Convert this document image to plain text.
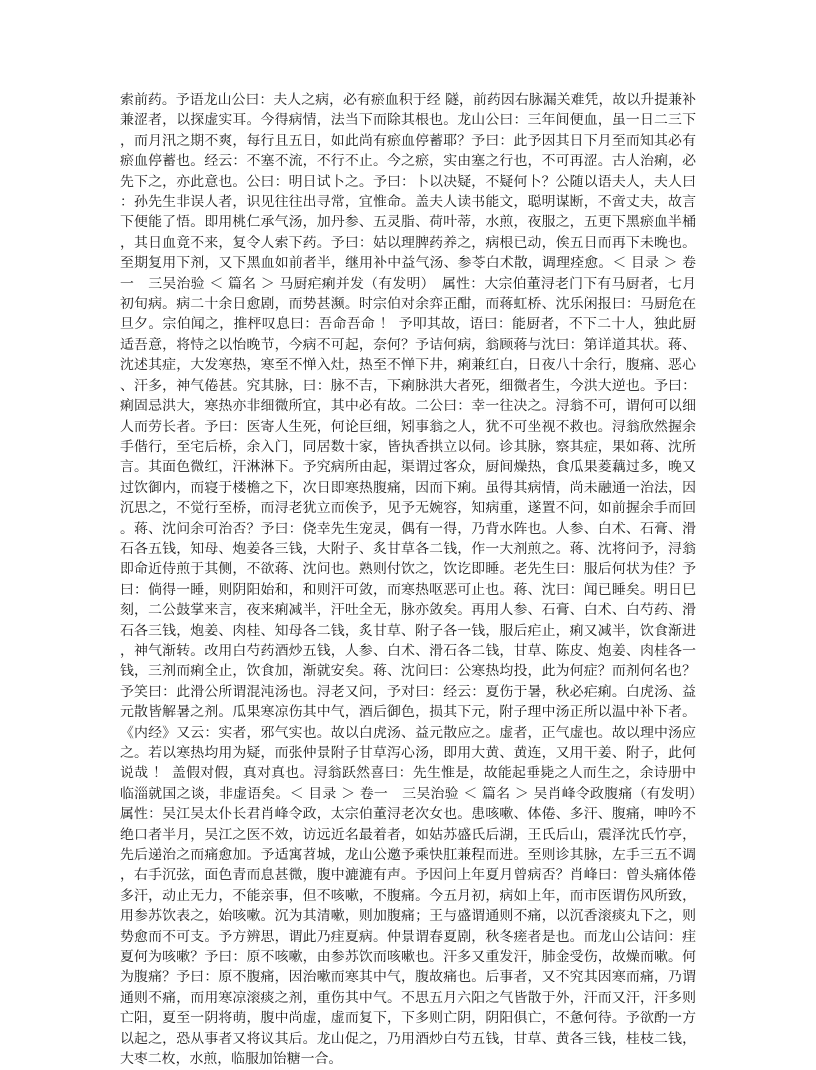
索前药。予语龙山公曰：夫人之病，必有瘀血积于经 隧，前药因右脉漏关难凭，故以升提兼补兼涩者，以探虚实耳。今得病情，法当下而除其根也。龙山公曰：三年间便血，虽一日二三下，而月汛之期不爽，每行且五日，如此尚有瘀血停蓄耶？予曰：此予因其日下月至而知其必有瘀血停蓄也。经云：不塞不流，不行不止。今之瘀，实由塞之行也，不可再涩。古人治痢，必先下之，亦此意也。公曰：明日试卜之。予曰：卜以决疑，不疑何卜？公随以语夫人，夫人曰：孙先生非误人者，识见往往出寻常，宜惟命。盖夫人读书能文，聪明谋断，不啻丈夫，故言下便能了悟。即用桃仁承气汤，加丹参、五灵脂、荷叶蒂，水煎，夜服之，五更下黑瘀血半桶，其日血竟不来，复令人索下药。予曰：姑以理脾药养之，病根已动，俟五日而再下未晚也。至期复用下剂，又下黑血如前者半，继用补中益气汤、参苓白术散，调理痊愈。＜ 目录 ＞ 卷一　三吴治验 ＜ 篇名 ＞ 马厨疟痢并发（有发明）　属性：大宗伯董浔老门下有马厨者，七月初旬病。病二十余日愈剧，而势甚濒。时宗伯对余弈正酣，而蒋虹桥、沈乐闲报曰：马厨危在旦夕。宗伯闻之，推枰叹息曰：吾命吾命 ！ 予叩其故，语曰：能厨者，不下二十人，独此厨适吾意，将恃之以怡晚节，今病不可起，奈何？予诘何病，翁顾蒋与沈曰：第详道其状。蒋、沈述其症，大发寒热，寒至不惮入灶，热至不惮下井，痢兼红白，日夜八十余行，腹痛、恶心、汗多，神气倦甚。究其脉，曰：脉不吉，下痢脉洪大者死，细微者生，今洪大逆也。予曰：痢固忌洪大，寒热亦非细微所宜，其中必有故。二公曰：幸一往决之。浔翁不可，谓何可以细人而劳长者。予曰：医寄人生死，何论巨细，矧事翁之人，犹不可坐视不救也。浔翁欣然握余手偕行，至宅后桥，余入门，同居数十家，皆执香拱立以伺。诊其脉，察其症，果如蒋、沈所言。其面色微红，汗淋淋下。予究病所由起，渠谓过客众，厨间燥热，食瓜果菱藕过多，晚又过饮御内，而寝于楼檐之下，次日即寒热腹痛，因而下痢。虽得其病情，尚未融通一治法，因沉思之，不觉行至桥，而浔老犹立而俟予，见予无婉容，知病重，遂置不问，如前握余手而回。蒋、沈问余可治否？予曰：侥幸先生宠灵，偶有一得，乃背水阵也。人参、白术、石膏、滑石各五钱，知母、炮姜各三钱，大附子、炙甘草各二钱，作一大剂煎之。蒋、沈将问予，浔翁即命近侍煎于其侧，不欲蒋、沈问也。熟则付饮之，饮讫即睡。老先生曰：服后何状为佳？予曰：倘得一睡，则阴阳始和，和则汗可敛，而寒热呕恶可止也。蒋、沈曰：闻已睡矣。明日巳刻，二公鼓掌来言，夜来痢减半，汗吐全无，脉亦敛矣。再用人参、石膏、白术、白芍药、滑石各三钱，炮姜、肉桂、知母各二钱，炙甘草、附子各一钱，服后疟止，痢又减半，饮食渐进，神气渐转。改用白芍药酒炒五钱，人参、白术、滑石各二钱，甘草、陈皮、炮姜、肉桂各一钱，三剂而痢全止，饮食加，渐就安矣。蒋、沈问曰：公寒热均投，此为何症？而剂何名也？予笑曰：此滑公所谓混沌汤也。浔老又问，予对曰：经云：夏伤于暑，秋必疟痢。白虎汤、益元散皆解暑之剂。瓜果寒凉伤其中气，酒后御色，损其下元，附子理中汤正所以温中补下者。《内经》又云：实者，邪气实也。故以白虎汤、益元散应之。虚者，正气虚也。故以理中汤应之。若以寒热均用为疑，而张仲景附子甘草泻心汤，即用大黄、黄连，又用干姜、附子，此何说哉 ！ 盖假对假，真对真也。浔翁跃然喜曰：先生惟是，故能起垂毙之人而生之，余诗册中临淄就国之谈，非虚语矣。＜ 目录 ＞ 卷一　三吴治验 ＜ 篇名 ＞ 吴肖峰令政腹痛（有发明）　属性：吴江吴太仆长君肖峰令政，太宗伯董浔老次女也。患咳嗽、体倦、多汗、腹痛，呻吟不绝口者半月，吴江之医不效，访远近名最着者，如姑苏盛氏后湖，王氏后山，震泽沈氏竹亭， 先后递治之而痛愈加。予适寓苕城，龙山公邀予乘快肛兼程而进。至则诊其脉，左手三五不调，右手沉弦，面色青而息甚微，腹中漉漉有声。予因问上年夏月曾病否？肖峰曰：曾头痛体倦多汗，动止无力，不能亲事，但不咳嗽，不腹痛。今五月初，病如上年，而市医谓伤风所致，用参苏饮表之，始咳嗽。沉为其清嗽，则加腹痛；王与盛谓通则不痛，以沉香滚痰丸下之，则势愈而不可支。予方辨思，谓此乃疰夏病。仲景谓春夏剧，秋冬瘥者是也。而龙山公诘问：疰夏何为咳嗽？予曰：原不咳嗽，由参苏饮而咳嗽也。汗多又重发汗，肺金受伤，故燥而嗽。何为腹痛？予曰：原不腹痛，因治嗽而寒其中气，腹故痛也。后事者，又不究其因寒而痛，乃谓通则不痛，而用寒凉滚痰之剂，重伤其中气。不思五月六阳之气皆散于外，汗而又汗，汗多则亡阳，夏至一阴将萌，腹中尚虚，虚而复下，下多则亡阴，阴阳俱亡，不惫何待。予欲酌一方以起之，恐从事者又将议其后。龙山促之，乃用酒炒白芍五钱，甘草、黄各三钱，桂枝二钱，大枣二枚，水煎，临服加饴糖一合。
